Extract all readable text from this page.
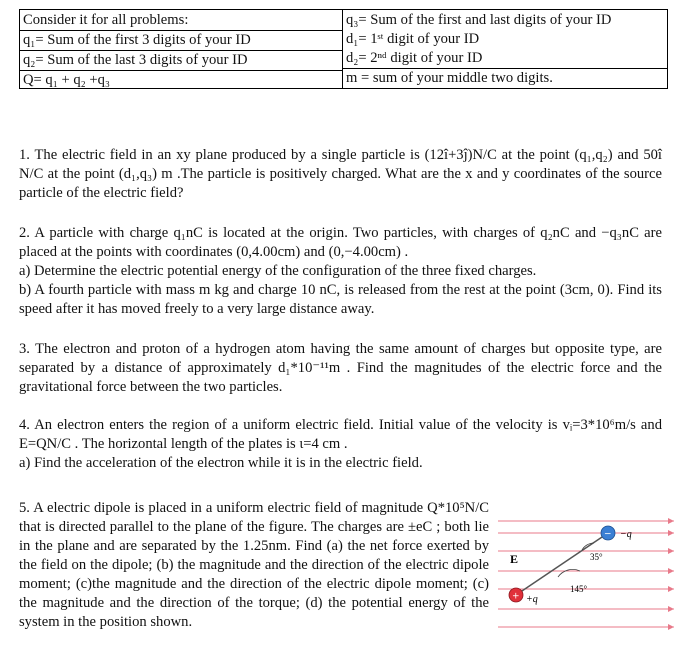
Consider it for all problems:
q₁= Sum of the first 3 digits of your ID
q₂= Sum of the last 3 digits of your ID
Q= q₁ + q₂ +q₃
q₃= Sum of the first and last digits of your ID
d₁= 1ˢᵗ digit of your ID
d₂= 2ⁿᵈ digit of your ID
m = sum of your middle two digits.
1. The electric field in an xy plane produced by a single particle is (12î+3ĵ)N/C at the point (q₁,q₂) and 50î N/C at the point (d₁,q₃) m .The particle is positively charged. What are the x and y coordinates of the source particle of the electric field?
2. A particle with charge q₁nC is located at the origin. Two particles, with charges of q₂nC and −q₃nC are placed at the points with coordinates (0,4.00cm) and (0,−4.00cm) .
a) Determine the electric potential energy of the configuration of the three fixed charges.
b) A fourth particle with mass m kg and charge 10 nC, is released from the rest at the point (3cm, 0). Find its speed after it has moved freely to a very large distance away.
3. The electron and proton of a hydrogen atom having the same amount of charges but opposite type, are separated by a distance of approximately d₁*10⁻¹¹m . Find the magnitudes of the electric force and the gravitational force between the two particles.
4. An electron enters the region of a uniform electric field. Initial value of the velocity is vᵢ=3*10⁶m/s and E=QN/C . The horizontal length of the plates is ι=4 cm .
a) Find the acceleration of the electron while it is in the electric field.
5. A electric dipole is placed in a uniform electric field of magnitude Q*10⁵N/C that is directed parallel to the plane of the figure. The charges are ±eC ; both lie in the plane and are separated by the 1.25nm. Find (a) the net force exerted by the field on the dipole; (b) the magnitude and the direction of the electric dipole moment; (c)the magnitude and the direction of the electric dipole moment; (c) the magnitude and the direction of the torque; (d) the potential energy of the system in the position shown.
E⃗	35°
145°
− −q
+ +q
